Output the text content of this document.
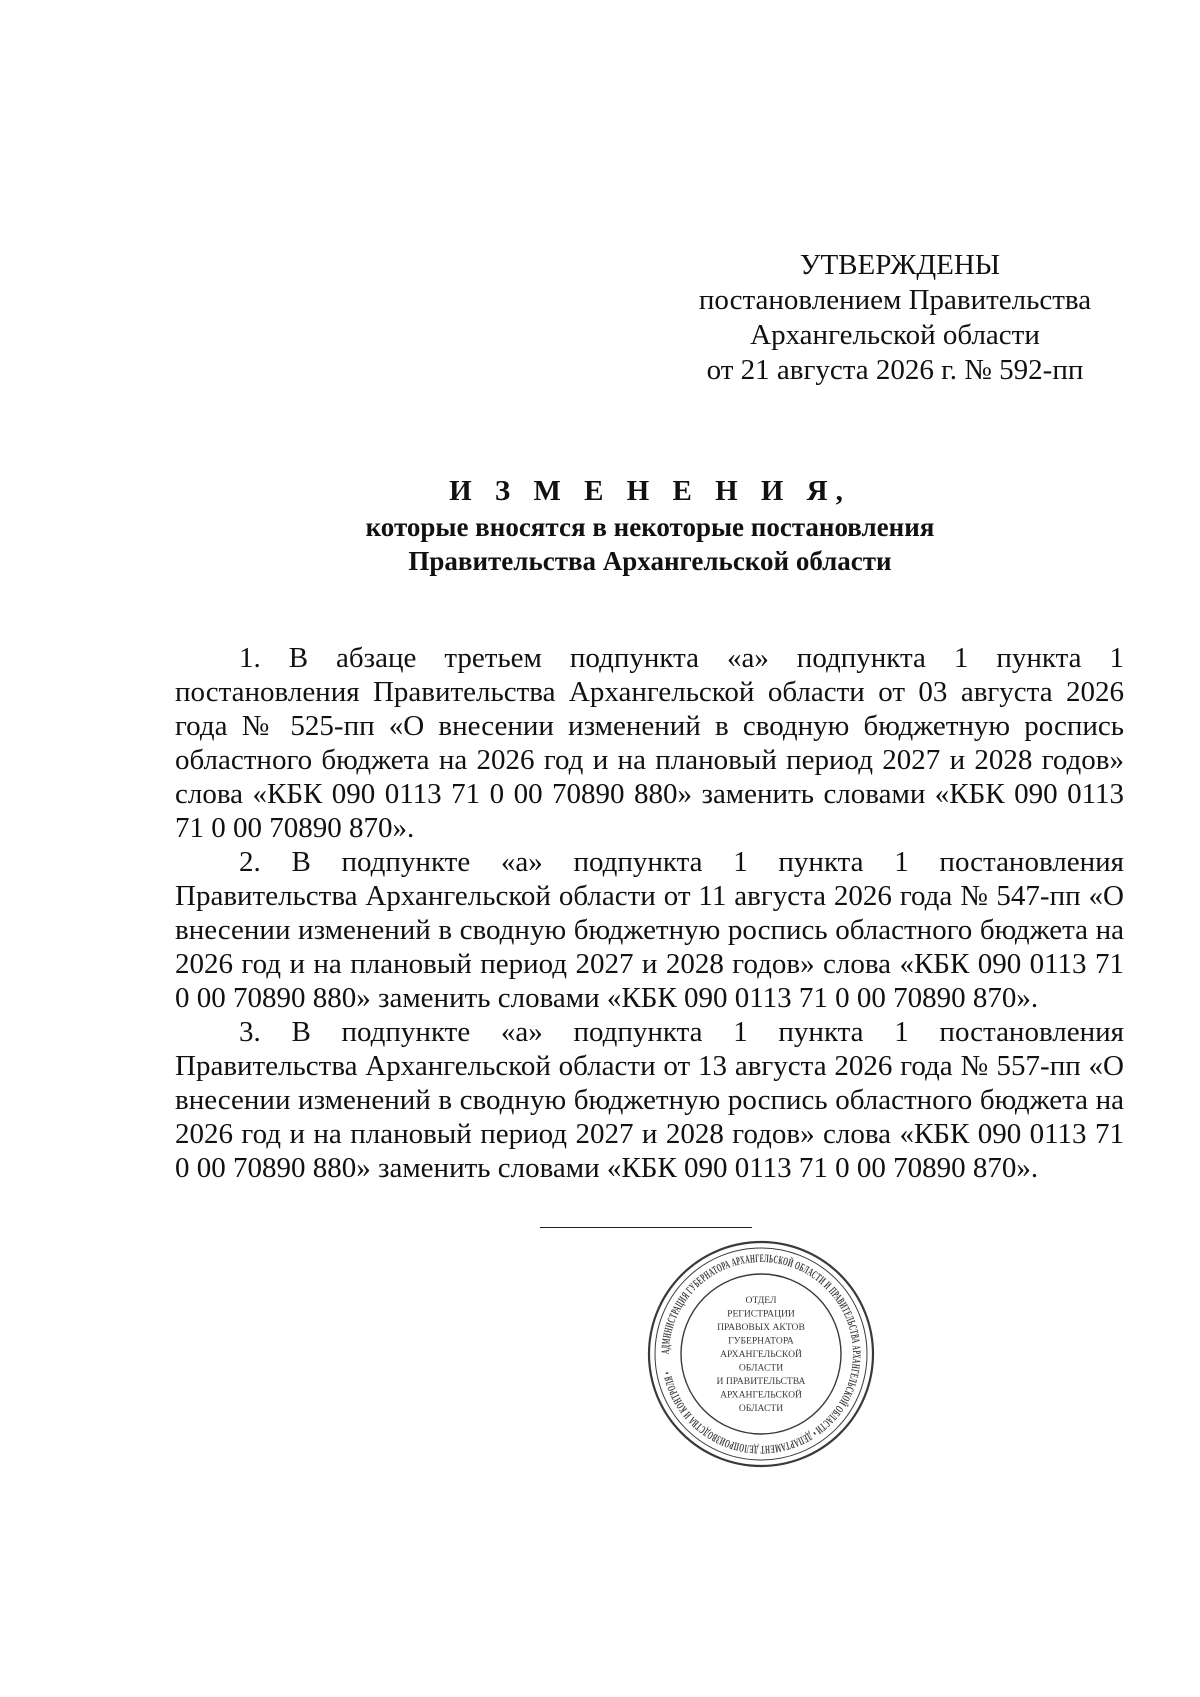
УТВЕРЖДЕНЫ
постановлением Правительства
Архангельской области
от 21 августа 2026 г. № 592-пп
И З М Е Н Е Н И Я,
которые вносятся в некоторые постановления
Правительства Архангельской области

1. В абзаце третьем подпункта «а» подпункта 1 пункта 1 постановления Правительства Архангельской области от 03 августа 2026 года № 525-пп «О внесении изменений в сводную бюджетную роспись областного бюджета на 2026 год и на плановый период 2027 и 2028 годов» слова «КБК 090 0113 71 0 00 70890 880» заменить словами «КБК 090 0113 71 0 00 70890 870».

2. В подпункте «а» подпункта 1 пункта 1 постановления Правительства Архангельской области от 11 августа 2026 года № 547-пп «О внесении изменений в сводную бюджетную роспись областного бюджета на 2026 год и на плановый период 2027 и 2028 годов» слова «КБК 090 0113 71 0 00 70890 880» заменить словами «КБК 090 0113 71 0 00 70890 870».

3. В подпункте «а» подпункта 1 пункта 1 постановления Правительства Архангельской области от 13 августа 2026 года № 557-пп «О внесении изменений в сводную бюджетную роспись областного бюджета на 2026 год и на плановый период 2027 и 2028 годов» слова «КБК 090 0113 71 0 00 70890 880» заменить словами «КБК 090 0113 71 0 00 70890 870».

АДМИНИСТРАЦИЯ ГУБЕРНАТОРА АРХАНГЕЛЬСКОЙ ОБЛАСТИ И ПРАВИТЕЛЬСТВА АРХАНГЕЛЬСКОЙ ОБЛАСТИ • ДЕПАРТАМЕНТ ДЕЛОПРОИЗВОДСТВА И КОНТРОЛЯ •
ОТДЕЛ
РЕГИСТРАЦИИ
ПРАВОВЫХ АКТОВ
ГУБЕРНАТОРА
АРХАНГЕЛЬСКОЙ
ОБЛАСТИ
И ПРАВИТЕЛЬСТВА
АРХАНГЕЛЬСКОЙ
ОБЛАСТИ
